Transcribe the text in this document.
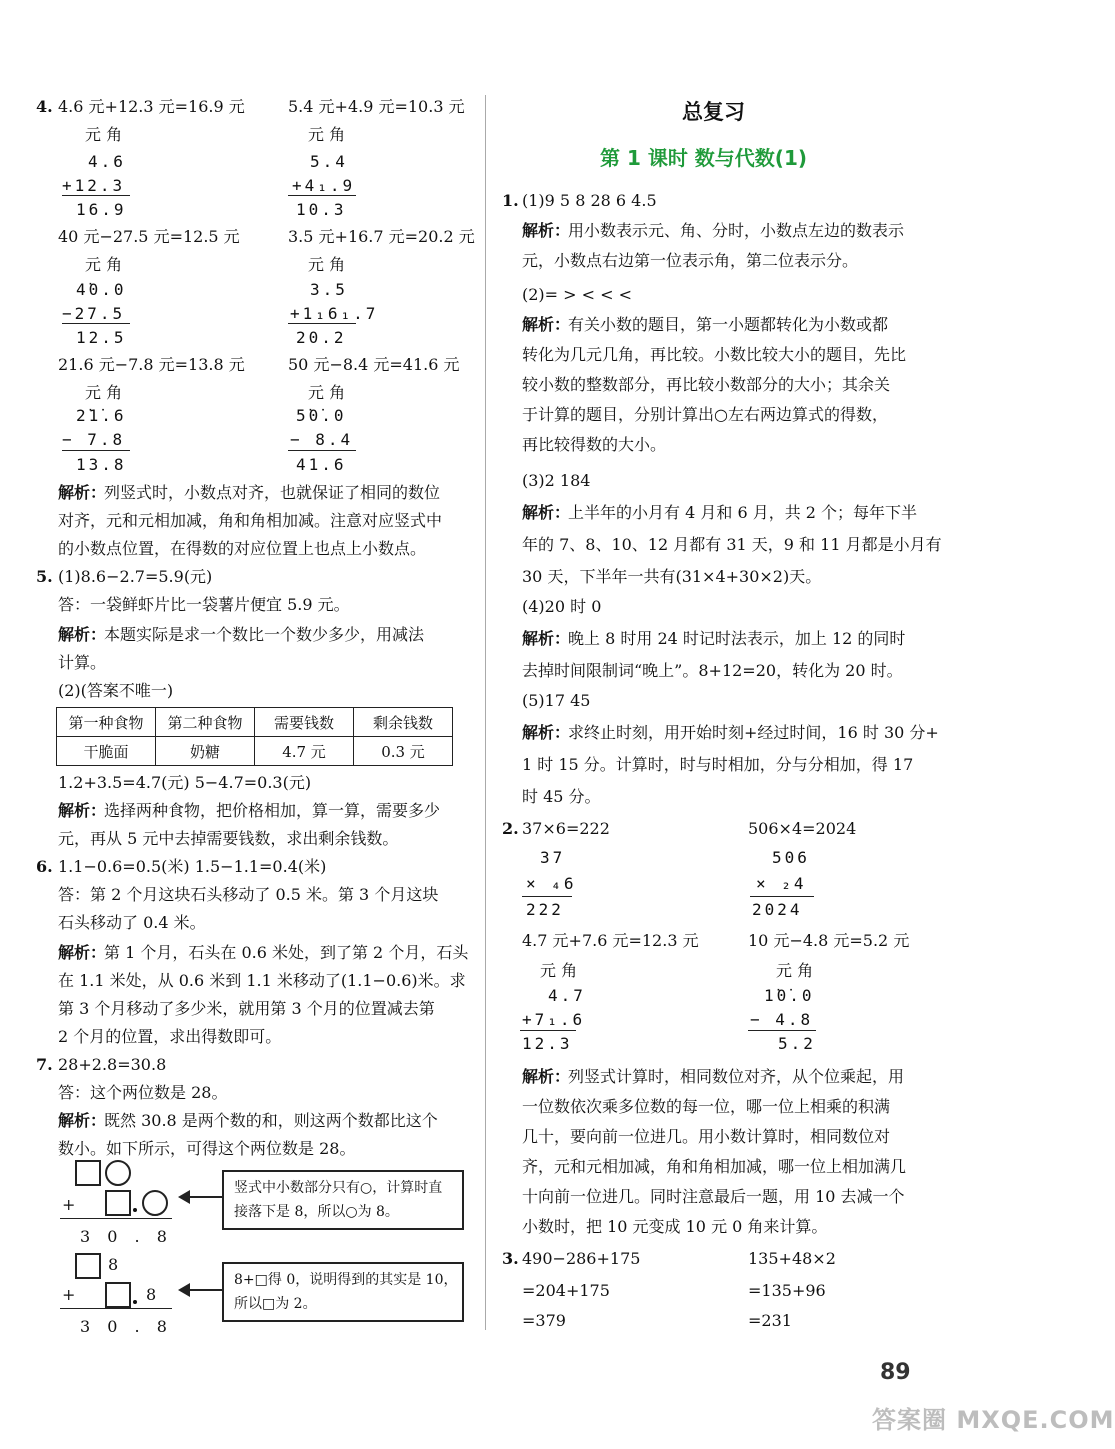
4. 4.6 元+12.3 元=16.9 元	5.4 元+4.9 元=10.3 元
元 角
4.6
+12.3
16.9
元 角
5.4
+4₁.9
10.3
40 元−27.5 元=12.5 元	3.5 元+16.7 元=20.2 元
元 角
4̇0.0
−27.5
12.5
元 角
3.5
+1₁6₁.7
20.2
21.6 元−7.8 元=13.8 元	50 元−8.4 元=41.6 元
元 角
2̇1̇.6
− 7.8
13.8
元 角
5̇0̇.0
− 8.4
41.6
解析：
列竖式时，小数点对齐，也就保证了相同的数位
对齐，元和元相加减，角和角相加减。注意对应竖式中
的小数点位置，在得数的对应位置上也点上小数点。
5. (1)8.6−2.7=5.9(元)
答：一袋鲜虾片比一袋薯片便宜 5.9 元。
解析：
本题实际是求一个数比一个数少多少，用减法
计算。
(2)(答案不唯一)
第一种食物	第二种食物	需要钱数	剩余钱数
干脆面	奶糖	4.7 元	0.3 元
1.2+3.5=4.7(元) 5−4.7=0.3(元)
解析：
选择两种食物，把价格相加，算一算，需要多少
元，再从 5 元中去掉需要钱数，求出剩余钱数。
6. 1.1−0.6=0.5(米) 1.5−1.1=0.4(米)
答：第 2 个月这块石头移动了 0.5 米。第 3 个月这块
石头移动了 0.4 米。
解析：
第 1 个月，石头在 0.6 米处，到了第 2 个月，石头
在 1.1 米处，从 0.6 米到 1.1 米移动了(1.1−0.6)米。求
第 3 个月移动了多少米，就用第 3 个月的位置减去第
2 个月的位置，求出得数即可。
7. 28+2.8=30.8
答：这个两位数是 28。
解析：
既然 30.8 是两个数的和，则这两个数都比这个
数小。如下所示，可得这个两位数是 28。
+
3 0 . 8
竖式中小数部分只有○，计算时直
接落下是 8，所以○为 8。
8
+	8
3 0 . 8
8+□得 0，说明得到的其实是 10，
所以□为 2。
总复习
第 1 课时 数与代数(1)
1. (1)9 5 8 28 6 4.5
解析：
用小数表示元、角、分时，小数点左边的数表示
元，小数点右边第一位表示角，第二位表示分。
(2)= > < < <
解析：
有关小数的题目，第一小题都转化为小数或都
转化为几元几角，再比较。小数比较大小的题目，先比
较小数的整数部分，再比较小数部分的大小；其余关
于计算的题目，分别计算出○左右两边算式的得数，
再比较得数的大小。
(3)2 184
解析：
上半年的小月有 4 月和 6 月，共 2 个；每年下半
年的 7、8、10、12 月都有 31 天，9 和 11 月都是小月有
30 天，下半年一共有(31×4+30×2)天。
(4)20 时 0
解析：
晚上 8 时用 24 时记时法表示，加上 12 的同时
去掉时间限制词“晚上”。8+12=20，转化为 20 时。
(5)17 45
解析：
求终止时刻，用开始时刻+经过时间，16 时 30 分+
1 时 15 分。计算时，时与时相加，分与分相加，得 17
时 45 分。
2. 37×6=222	506×4=2024
37
× ₄6
222
506
× ₂4
2024
4.7 元+7.6 元=12.3 元	10 元−4.8 元=5.2 元
元 角
4.7
+7₁.6
12.3
元 角
1̇0̇.0
− 4.8
5.2
解析：
列竖式计算时，相同数位对齐，从个位乘起，用
一位数依次乘多位数的每一位，哪一位上相乘的积满
几十，要向前一位进几。用小数计算时，相同数位对
齐，元和元相加减，角和角相加减，哪一位上相加满几
十向前一位进几。同时注意最后一题，用 10 去减一个
小数时，把 10 元变成 10 元 0 角来计算。
3. 490−286+175
=204+175
=379
135+48×2
=135+96
=231
89
答案圈 MXQE.COM
